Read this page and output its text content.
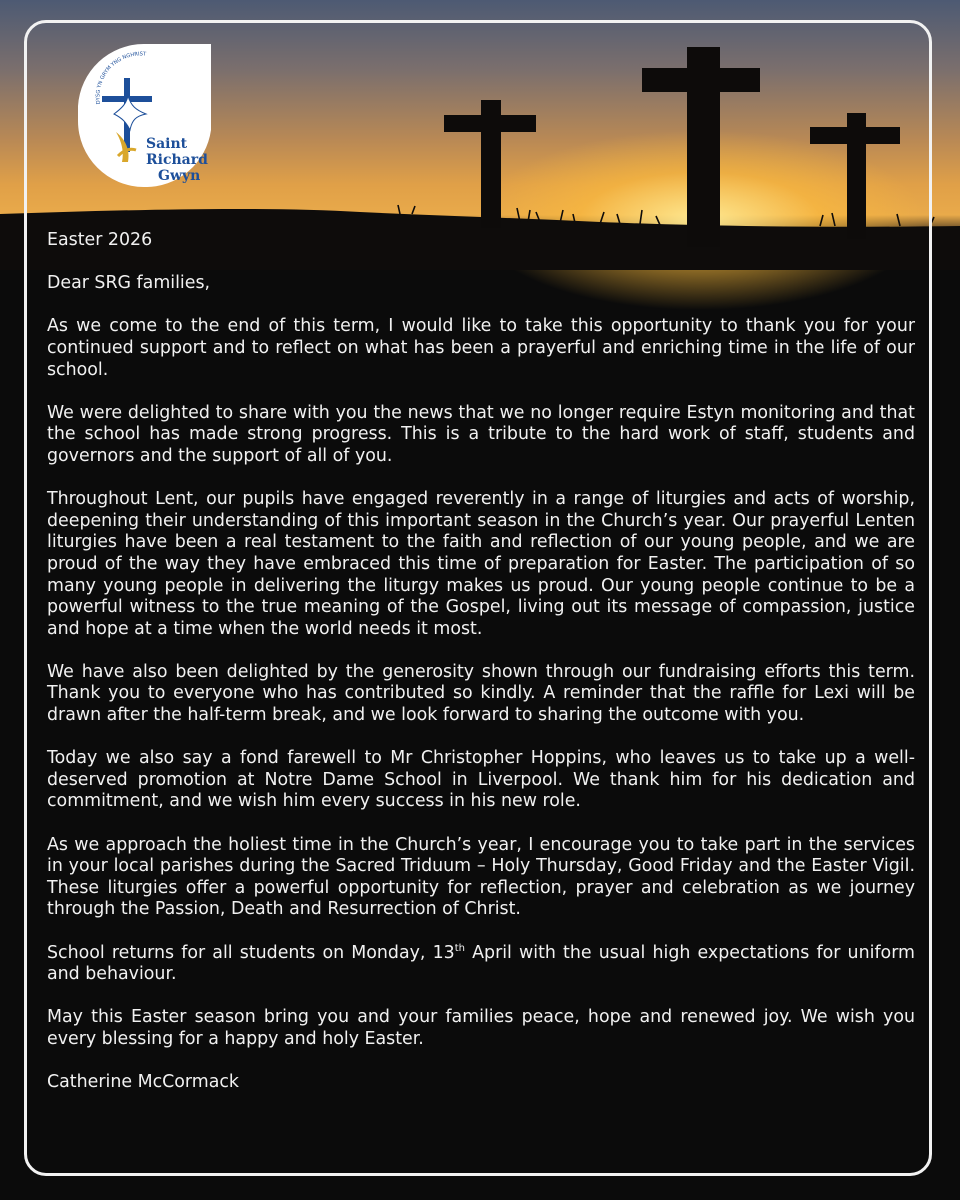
DYSG YN GRYM YNG NGHRIST
Saint
Richard
Gwyn

Easter 2026

Dear SRG families,

As we come to the end of this term, I would like to take this opportunity to thank you for your continued support and to reflect on what has been a prayerful and enriching time in the life of our school.

We were delighted to share with you the news that we no longer require Estyn monitoring and that the school has made strong progress. This is a tribute to the hard work of staff, students and governors and the support of all of you.

Throughout Lent, our pupils have engaged reverently in a range of liturgies and acts of worship, deepening their understanding of this important season in the Church’s year. Our prayerful Lenten liturgies have been a real testament to the faith and reflection of our young people, and we are proud of the way they have embraced this time of preparation for Easter. The participation of so many young people in delivering the liturgy makes us proud. Our young people continue to be a powerful witness to the true meaning of the Gospel, living out its message of compassion, justice and hope at a time when the world needs it most.

We have also been delighted by the generosity shown through our fundraising efforts this term. Thank you to everyone who has contributed so kindly. A reminder that the raffle for Lexi will be drawn after the half-term break, and we look forward to sharing the outcome with you.

Today we also say a fond farewell to Mr Christopher Hoppins, who leaves us to take up a well-deserved promotion at Notre Dame School in Liverpool. We thank him for his dedication and commitment, and we wish him every success in his new role.

As we approach the holiest time in the Church’s year, I encourage you to take part in the services in your local parishes during the Sacred Triduum – Holy Thursday, Good Friday and the Easter Vigil. These liturgies offer a powerful opportunity for reflection, prayer and celebration as we journey through the Passion, Death and Resurrection of Christ.

School returns for all students on Monday, 13th April with the usual high expectations for uniform and behaviour.

May this Easter season bring you and your families peace, hope and renewed joy. We wish you every blessing for a happy and holy Easter.

Catherine McCormack
